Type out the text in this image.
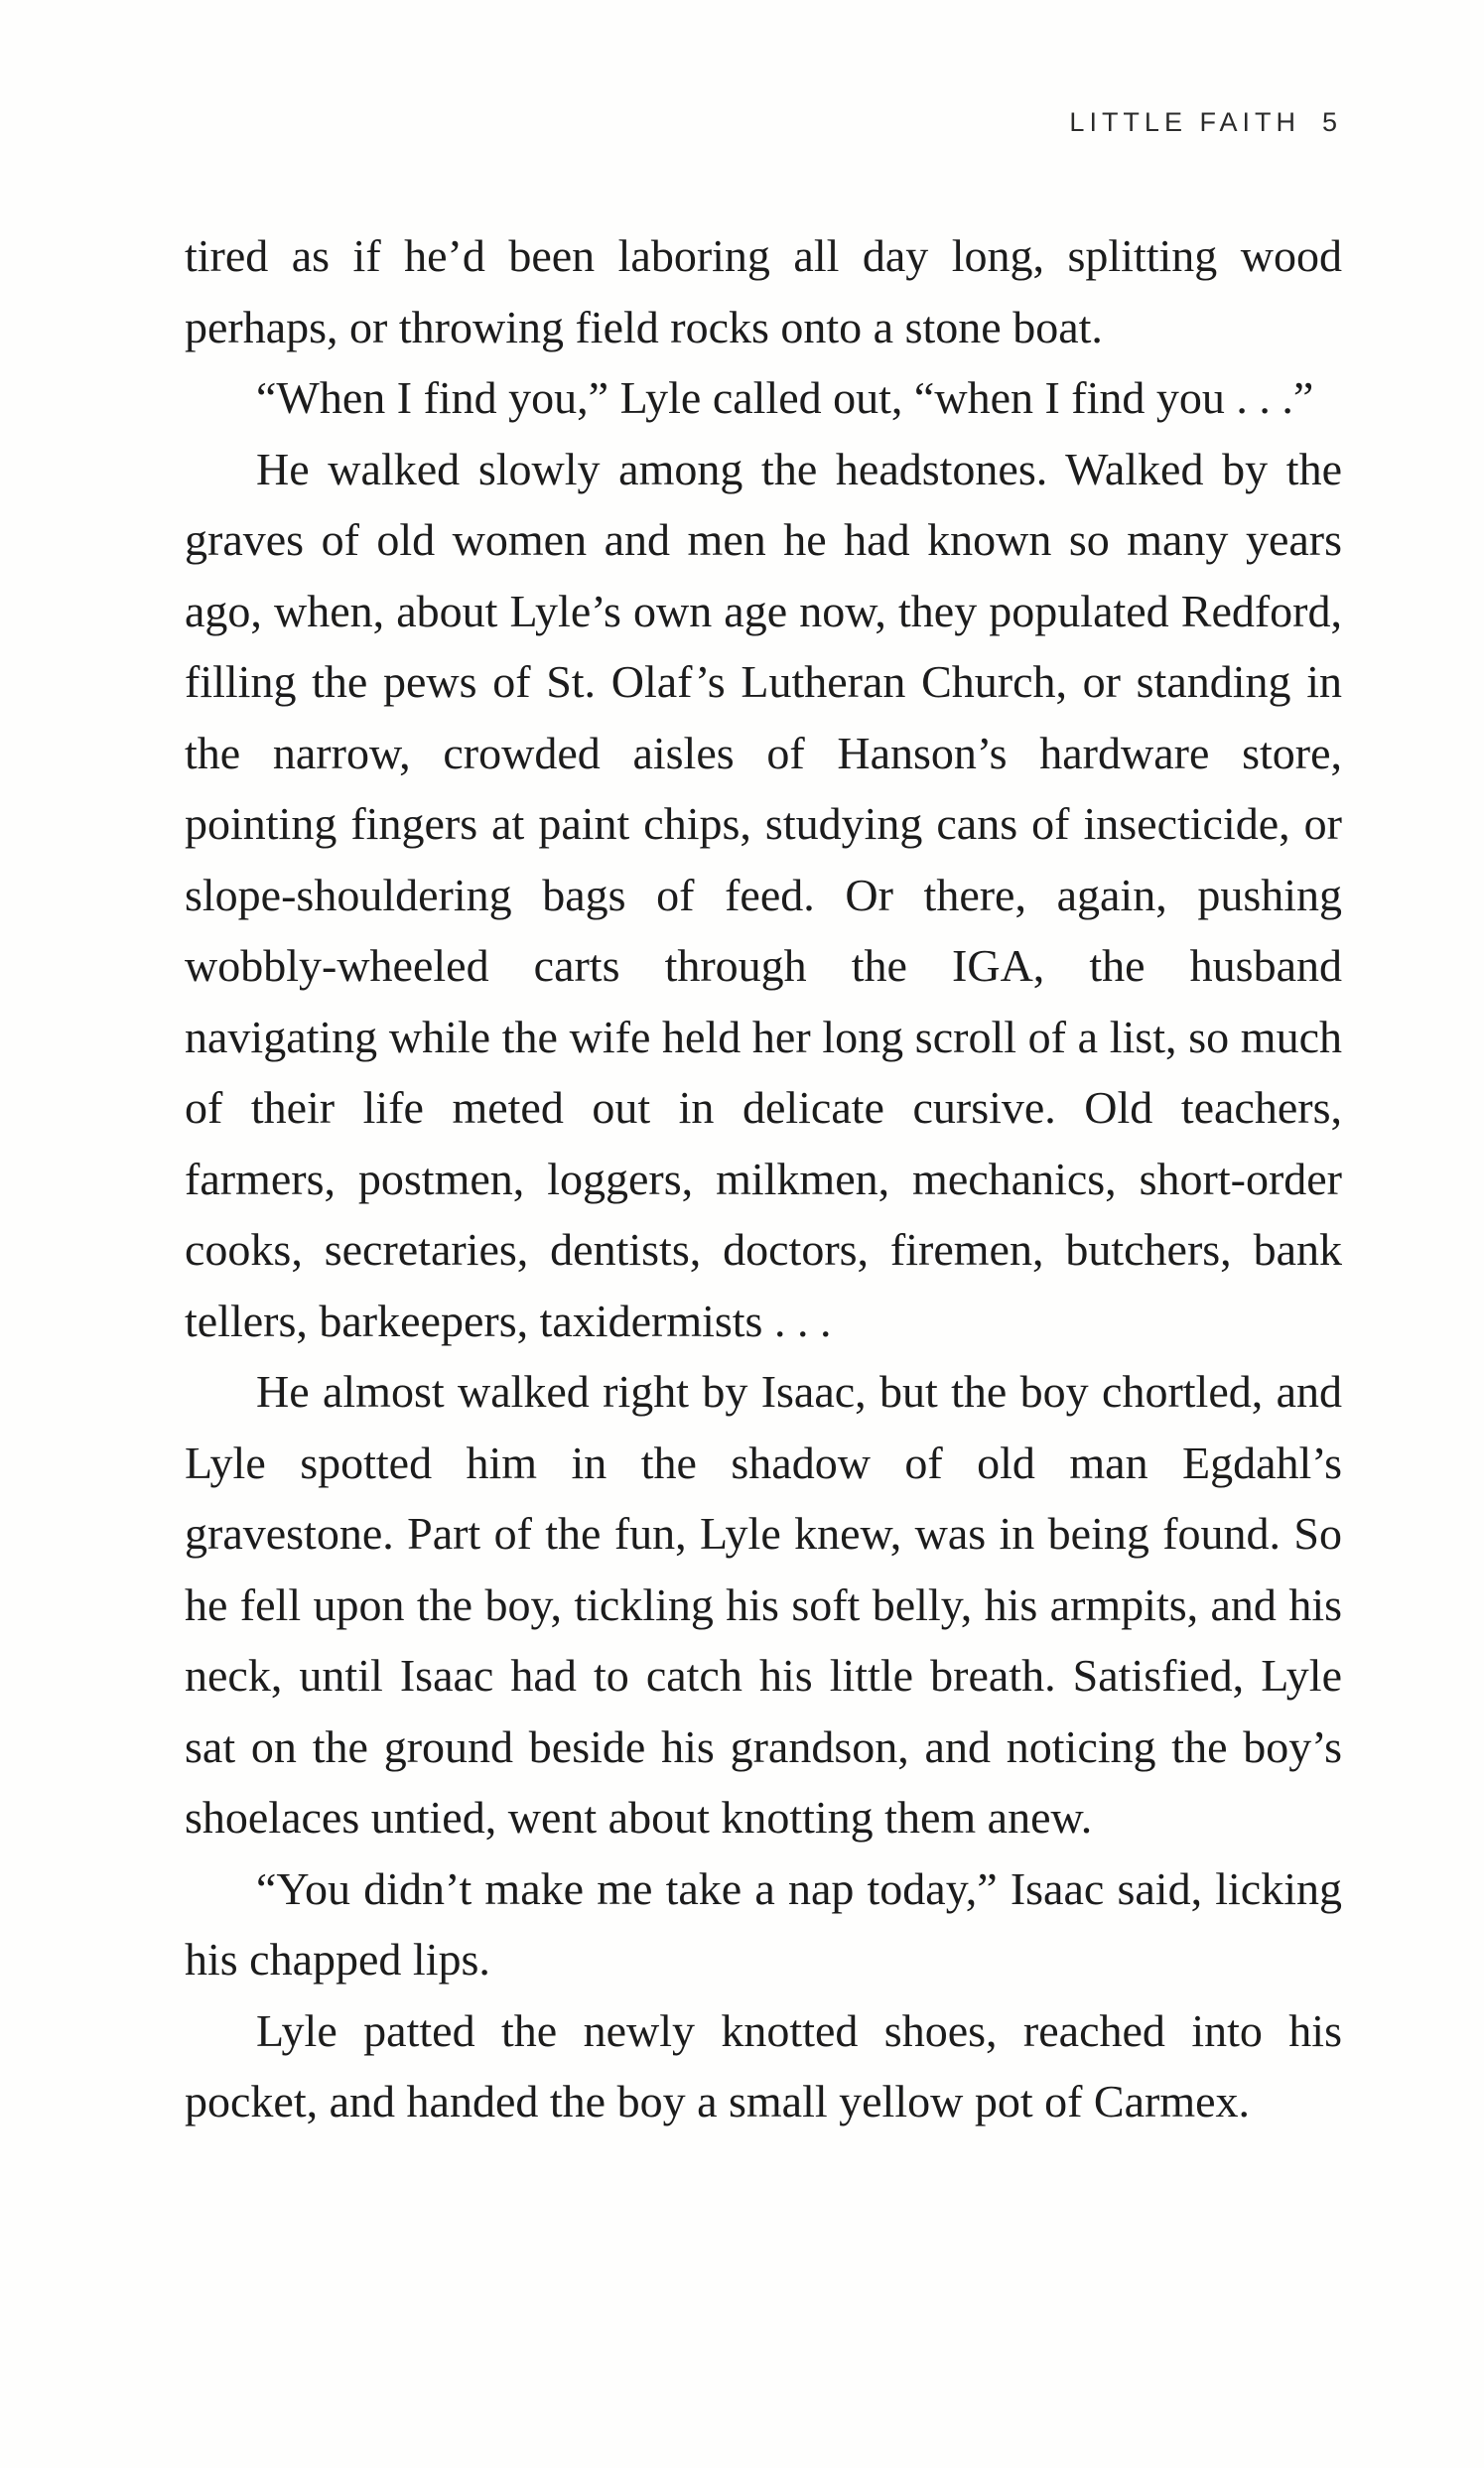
LITTLE FAITH 5

tired as if he’d been laboring all day long, splitting wood perhaps, or throwing field rocks onto a stone boat.

“When I find you,” Lyle called out, “when I find you . . .”

He walked slowly among the headstones. Walked by the graves of old women and men he had known so many years ago, when, about Lyle’s own age now, they populated Redford, filling the pews of St. Olaf’s Lutheran Church, or standing in the narrow, crowded aisles of Hanson’s hardware store, pointing fingers at paint chips, studying cans of insecticide, or slope-shouldering bags of feed. Or there, again, pushing wobbly-wheeled carts through the IGA, the husband navigating while the wife held her long scroll of a list, so much of their life meted out in delicate cursive. Old teachers, farmers, postmen, loggers, milkmen, mechanics, short-order cooks, secretaries, dentists, doctors, firemen, butchers, bank tellers, barkeepers, taxidermists . . .

He almost walked right by Isaac, but the boy chortled, and Lyle spotted him in the shadow of old man Egdahl’s gravestone. Part of the fun, Lyle knew, was in being found. So he fell upon the boy, tickling his soft belly, his armpits, and his neck, until Isaac had to catch his little breath. Satisfied, Lyle sat on the ground beside his grandson, and noticing the boy’s shoelaces untied, went about knotting them anew.

“You didn’t make me take a nap today,” Isaac said, licking his chapped lips.

Lyle patted the newly knotted shoes, reached into his pocket, and handed the boy a small yellow pot of Carmex.
